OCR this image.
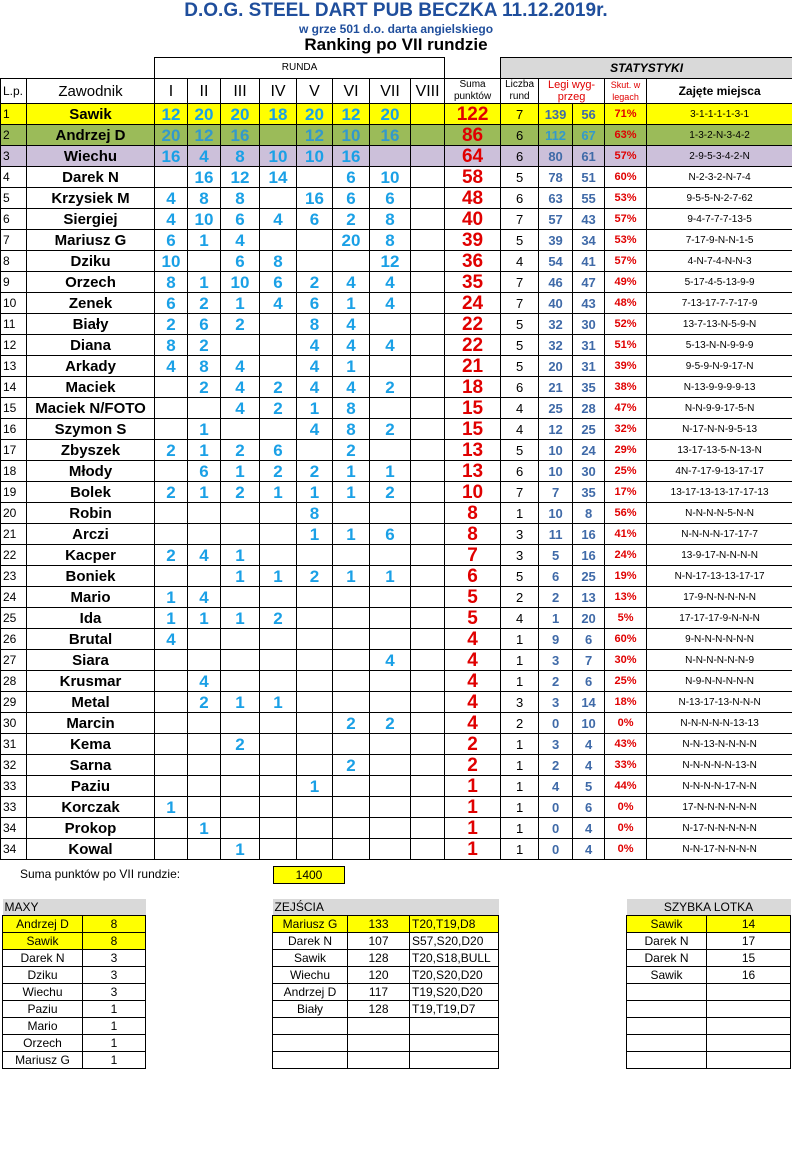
D.O.G. STEEL DART PUB BECZKA 11.12.2019r.
w grze 501 d.o. darta angielskiego
Ranking po VII rundzie
		RUNDA									STATYSTYKI				
L.p.	Zawodnik	I	II	III	IV	V	VI	VII	VIII	Suma punktów	Liczba rund	Legi wyg-
przeg		Skut. w legach	Zajęte miejsca
1	Sawik	12	20	20	18	20	12	20		122	7	139	56	71%	3-1-1-1-1-3-1
2	Andrzej D	20	12	16		12	10	16		86	6	112	67	63%	1-3-2-N-3-4-2
3	Wiechu	16	4	8	10	10	16			64	6	80	61	57%	2-9-5-3-4-2-N
4	Darek N		16	12	14		6	10		58	5	78	51	60%	N-2-3-2-N-7-4
5	Krzysiek M	4	8	8		16	6	6		48	6	63	55	53%	9-5-5-N-2-7-62
6	Siergiej	4	10	6	4	6	2	8		40	7	57	43	57%	9-4-7-7-7-13-5
7	Mariusz G	6	1	4			20	8		39	5	39	34	53%	7-17-9-N-N-1-5
8	Dziku	10		6	8			12		36	4	54	41	57%	4-N-7-4-N-N-3
9	Orzech	8	1	10	6	2	4	4		35	7	46	47	49%	5-17-4-5-13-9-9
10	Zenek	6	2	1	4	6	1	4		24	7	40	43	48%	7-13-17-7-7-17-9
11	Biały	2	6	2		8	4			22	5	32	30	52%	13-7-13-N-5-9-N
12	Diana	8	2			4	4	4		22	5	32	31	51%	5-13-N-N-9-9-9
13	Arkady	4	8	4		4	1			21	5	20	31	39%	9-5-9-N-9-17-N
14	Maciek		2	4	2	4	4	2		18	6	21	35	38%	N-13-9-9-9-9-13
15	Maciek N/FOTO			4	2	1	8			15	4	25	28	47%	N-N-9-9-17-5-N
16	Szymon S		1			4	8	2		15	4	12	25	32%	N-17-N-N-9-5-13
17	Zbyszek	2	1	2	6		2			13	5	10	24	29%	13-17-13-5-N-13-N
18	Młody		6	1	2	2	1	1		13	6	10	30	25%	4N-7-17-9-13-17-17
19	Bolek	2	1	2	1	1	1	2		10	7	7	35	17%	13-17-13-13-17-17-13
20	Robin					8				8	1	10	8	56%	N-N-N-N-5-N-N
21	Arczi					1	1	6		8	3	11	16	41%	N-N-N-N-17-17-7
22	Kacper	2	4	1						7	3	5	16	24%	13-9-17-N-N-N-N
23	Boniek			1	1	2	1	1		6	5	6	25	19%	N-N-17-13-13-17-17
24	Mario	1	4							5	2	2	13	13%	17-9-N-N-N-N-N
25	Ida	1	1	1	2					5	4	1	20	5%	17-17-17-9-N-N-N
26	Brutal	4								4	1	9	6	60%	9-N-N-N-N-N-N
27	Siara							4		4	1	3	7	30%	N-N-N-N-N-N-9
28	Krusmar		4							4	1	2	6	25%	N-9-N-N-N-N-N
29	Metal		2	1	1					4	3	3	14	18%	N-13-17-13-N-N-N
30	Marcin						2	2		4	2	0	10	0%	N-N-N-N-N-13-13
31	Kema			2						2	1	3	4	43%	N-N-13-N-N-N-N
32	Sarna						2			2	1	2	4	33%	N-N-N-N-N-13-N
33	Paziu					1				1	1	4	5	44%	N-N-N-N-17-N-N
33	Korczak	1								1	1	0	6	0%	17-N-N-N-N-N-N
34	Prokop		1							1	1	0	4	0%	N-17-N-N-N-N-N
34	Kowal			1						1	1	0	4	0%	N-N-17-N-N-N-N
Suma punktów po VII rundzie:	1400
MAXY	
Andrzej D	8
Sawik	8
Darek N	3
Dziku	3
Wiechu	3
Paziu	1
Mario	1
Orzech	1
Mariusz G	1
ZEJŚCIA		
Mariusz G	133	T20,T19,D8
Darek N	107	S57,S20,D20
Sawik	128	T20,S18,BULL
Wiechu	120	T20,S20,D20
Andrzej D	117	T19,S20,D20
Biały	128	T19,T19,D7

SZYBKA LOTKA	
Sawik	14
Darek N	17
Darek N	15
Sawik	16
